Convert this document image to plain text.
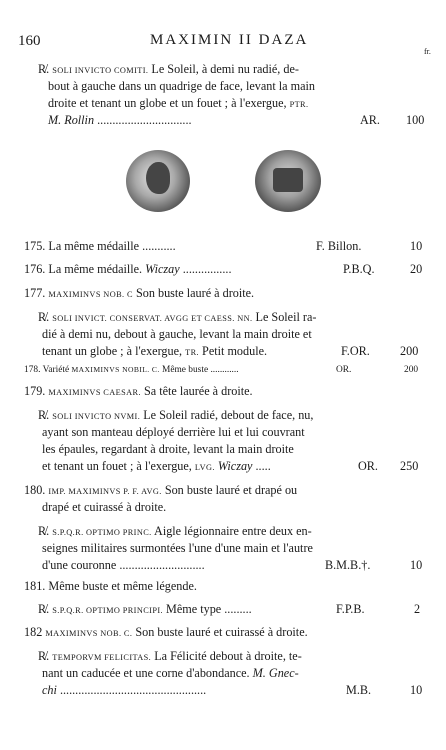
160	MAXIMIN II DAZA
fr.
R̸. SOLI INVICTO COMITI. Le Soleil, à demi nu radié, de-
bout à gauche dans un quadrige de face, levant la main
droite et tenant un globe et un fouet ; à l'exergue, PTR.
M. Rollin ...............................	AR. 100
175. La même médaille ...........	F. Billon.	10
176. La même médaille. Wiczay ................	P.B.Q.	20
177. MAXIMINVS NOB. C Son buste lauré à droite.
R̸. SOLI INVICT. CONSERVAT. AVGG ET CAESS. NN. Le Soleil ra-
dié à demi nu, debout à gauche, levant la main droite et
tenant un globe ; à l'exergue, TR. Petit module.	F.OR. 200
178. Variété MAXIMINVS NOBIL. C. Même buste ............	OR.	200
179. MAXIMINVS CAESAR. Sa tête laurée à droite.
R̸. SOLI INVICTO NVMI. Le Soleil radié, debout de face, nu,
ayant son manteau déployé derrière lui et lui couvrant
les épaules, regardant à droite, levant la main droite
et tenant un fouet ; à l'exergue, LVG. Wiczay .....	OR. 250
180. IMP. MAXIMINVS P. F. AVG. Son buste lauré et drapé ou
drapé et cuirassé à droite.
R̸. S.P.Q.R. OPTIMO PRINC. Aigle légionnaire entre deux en-
seignes militaires surmontées l'une d'une main et l'autre
d'une couronne ............................	B.M.B.†.	10
181. Même buste et même légende.
R̸. S.P.Q.R. OPTIMO PRINCIPI. Même type .........	F.P.B.	2
182 MAXIMINVS NOB. C. Son buste lauré et cuirassé à droite.
R̸. TEMPORVM FELICITAS. La Félicité debout à droite, te-
nant un caducée et une corne d'abondance. M. Gnec-
chi ................................................	M.B.	10
